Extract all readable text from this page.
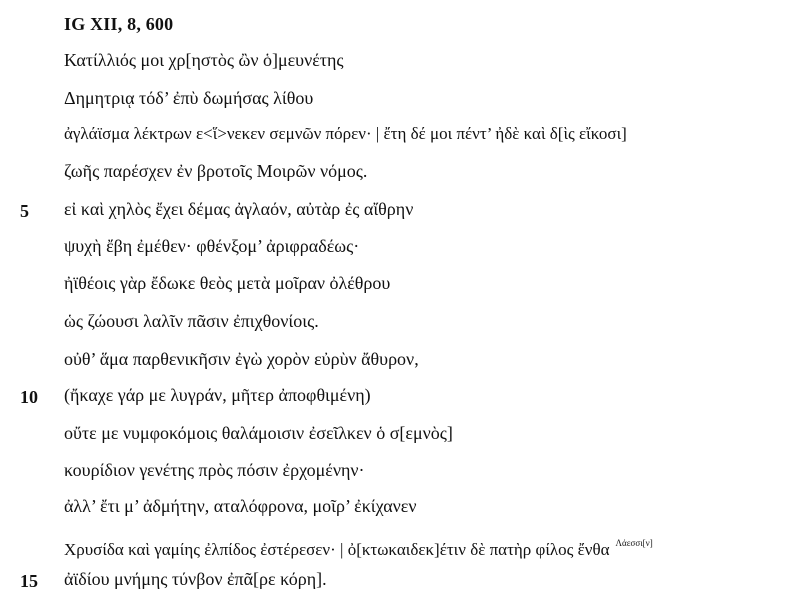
IG XII, 8, 600
Κατίλλιός μοι χρ[ηστὸς ὢν ὁ]μευνέτης
Δημητριᾳ τόδ’ ἐπὺ δωμήσας λίθου
ἀγλάϊσμα λέκτρων ε<ἵ>νεκεν σεμνῶν πόρεν· | ἔτη δέ μοι πέντ’ ἠδὲ καὶ δ[ὶς εἴκοσι]
ζωῆς παρέσχεν ἐν βροτοῖς Μοιρῶν νόμος.
5 εἰ καὶ χηλὸς ἔχει δέμας ἀγλαόν, αὐτὰρ ἐς αἴθρην
ψυχὴ ἔβη ἐμέθεν· φθένξομ’ ἀριφραδέως·
ἠϊθέοις γὰρ ἔδωκε θεὸς μετὰ μοῖραν ὀλέθρου
ὡς ζώουσι λαλῖν πᾶσιν ἐπιχθονίοις.
οὐθ’ ἅμα παρθενικῆσιν ἐγὼ χορὸν εὐρὺν ἄθυρον,
10 (ἤκαχε γάρ με λυγράν, μῆτερ ἀποφθιμένη)
οὔτε με νυμφοκόμοις θαλάμοισιν ἐσεῖλκεν ὁ σ[εμνὸς]
κουρίδιον γενέτης πρὸς πόσιν ἐρχομένην·
ἀλλ’ ἔτι μ’ ἀδμήτην, αταλόφρονα, μοῖρ’ ἐκίχανεν
Χρυσίδα καὶ γαμίης ἐλπίδος ἐστέρεσεν· | ὀ[κτωκαιδεκ]έτιν δὲ πατὴρ φίλος ἔνθα $^{\Lambda ά\varepsilon\sigma\sigma\iota[\nu]}$
15 ἀϊδίου μνήμης τύνβον ἐπᾶ[ρε κόρη].
